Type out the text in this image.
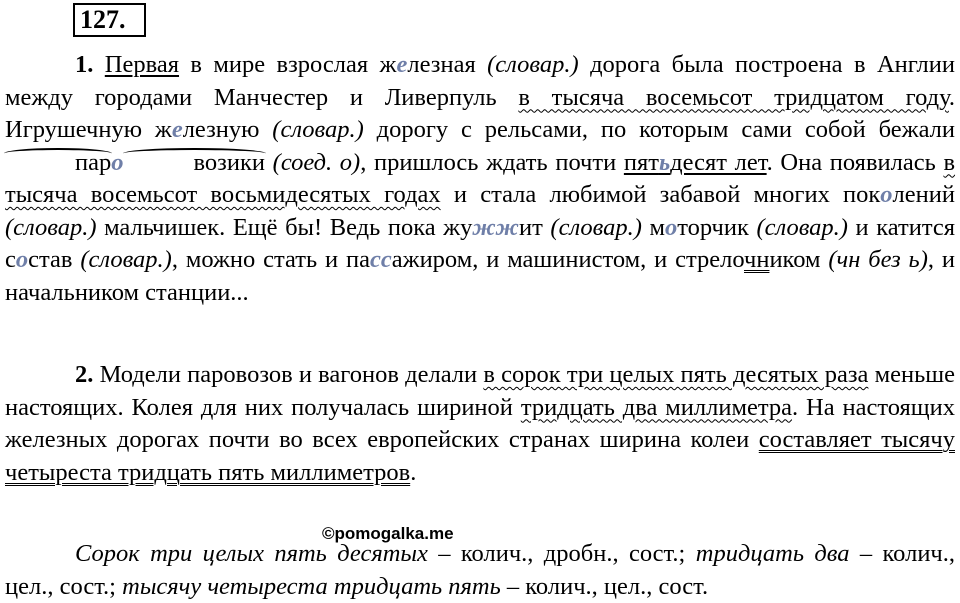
127.

1. Первая в мире взрослая железная (словар.) дорога была построена в Англии между городами Манчестер и Ливерпуль в тысяча восемьсот тридцатом году. Игрушечную железную (словар.) дорогу с рельсами, по которым сами собой бежали паро	возики (соед. о), пришлось ждать почти пятьдесят лет. Она появилась в тысяча восемьсот восьмидесятых годах и стала любимой забавой многих поколений (словар.) мальчишек. Ещё бы! Ведь пока жужжит (словар.) моторчик (словар.) и катится состав (словар.), можно стать и пассажиром, и машинистом, и стрелочником (чн без ь), и начальником станции...

2. Модели паровозов и вагонов делали в сорок три целых пять десятых раза меньше настоящих. Колея для них получалась шириной тридцать два миллиметра. На настоящих железных дорогах почти во всех европейских странах ширина колеи составляет тысячу четыреста тридцать пять миллиметров.

©pomogalka.me

Сорок три целых пять десятых – колич., дробн., сост.; тридцать два – колич., цел., сост.; тысячу четыреста тридцать пять – колич., цел., сост.
